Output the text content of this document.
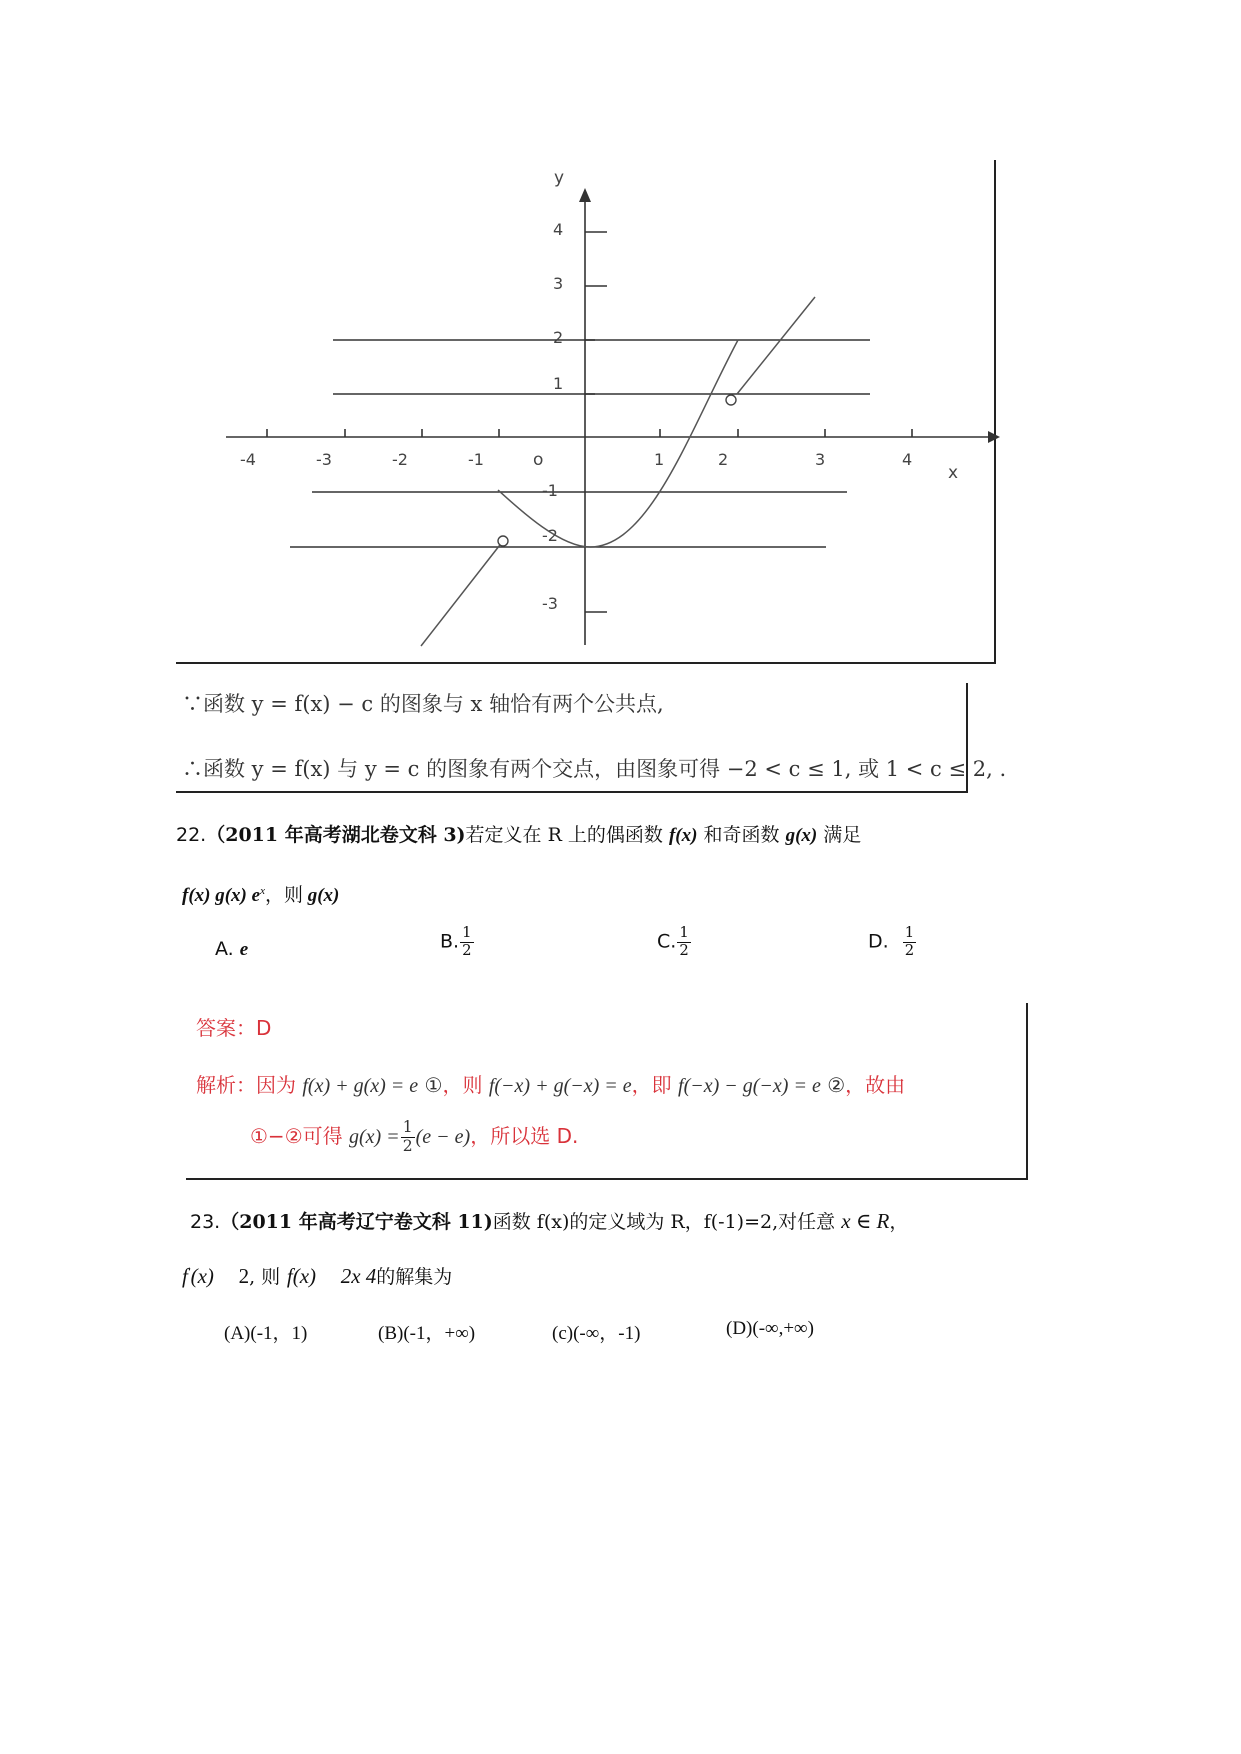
y
x
o
-4	-3	-2	-1	1	2	3	4
4
3
2
1
-1
-2
-3
∵函数 y = f(x) − c 的图象与 x 轴恰有两个公共点,
∴函数 y = f(x) 与 y = c 的图象有两个交点，由图象可得 −2 < c ≤ 1, 或 1 < c ≤ 2, .
22.（2011 年高考湖北卷文科 3)若定义在 R 上的偶函数 f(x) 和奇函数 g(x) 满足
f(x) g(x) $e^x$，则 g(x)
A. e	B. $\frac{1}{2}$	C. $\frac{1}{2}$	D. $\frac{1}{2}$
答案：D
解析：因为 f(x) + g(x) = e ①，则 f(−x) + g(−x) = e，即 f(−x) − g(−x) = e ②，故由
①−②可得 $g(x) = \frac{1}{2} (e - e)$，所以选 D.
23.（2011 年高考辽宁卷文科 11)函数 f(x)的定义域为 R，f(-1)=2,对任意 x ∈ R，
f'(x) 2, 则 f(x) 2x 4的解集为
(A)(-1，1)	(B)(-1，+∞)	(c)(-∞，-1)	(D)(-∞,+∞)
